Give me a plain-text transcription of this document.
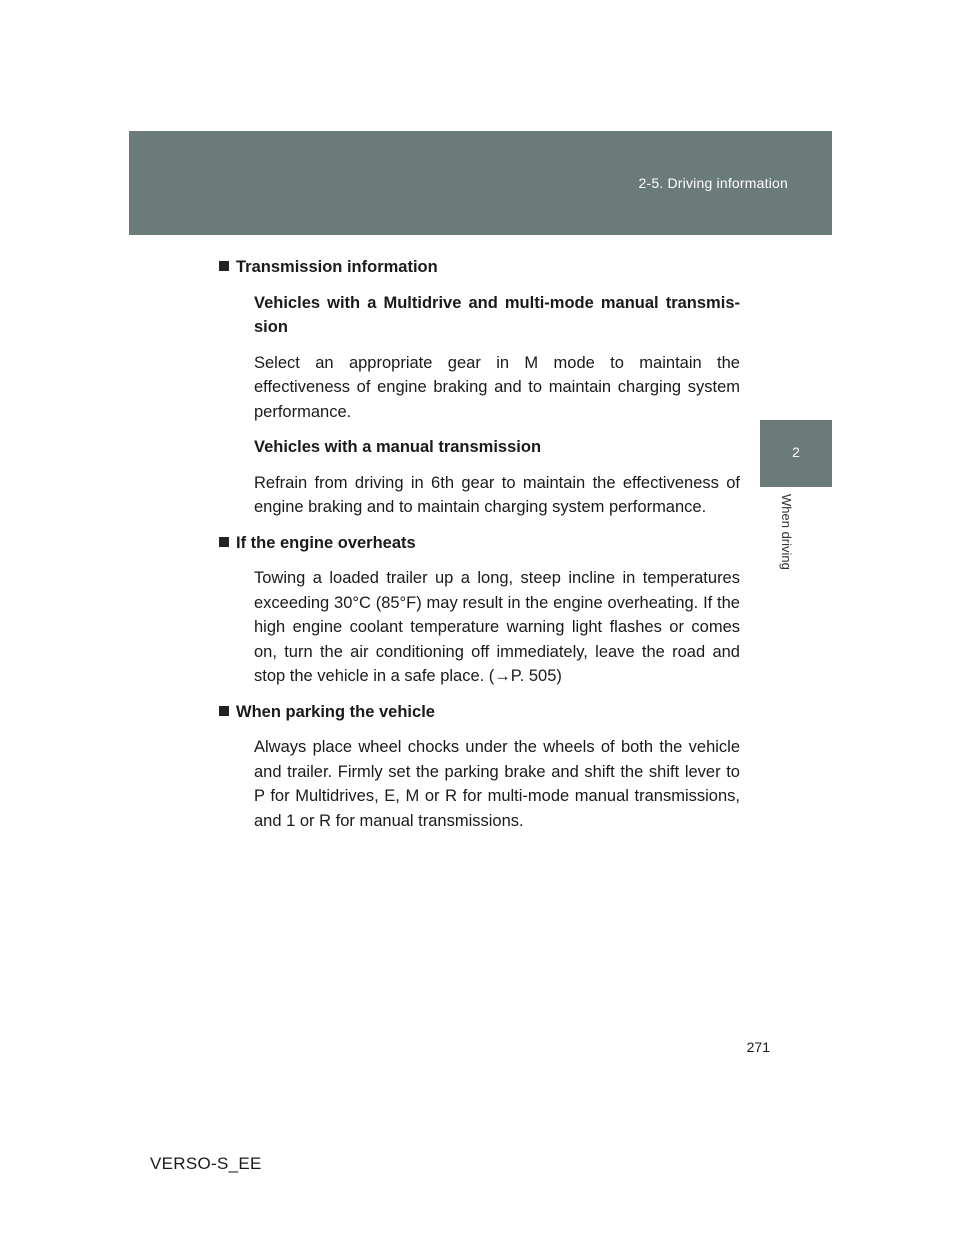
2-5. Driving information
2
When driving
Transmission information

Vehicles with a Multidrive and multi-mode manual transmis-sion

Select an appropriate gear in M mode to maintain the effectiveness of engine braking and to maintain charging system performance.

Vehicles with a manual transmission

Refrain from driving in 6th gear to maintain the effectiveness of engine braking and to maintain charging system performance.

If the engine overheats

Towing a loaded trailer up a long, steep incline in temperatures exceeding 30°C (85°F) may result in the engine overheating. If the high engine coolant temperature warning light flashes or comes on, turn the air conditioning off immediately, leave the road and stop the vehicle in a safe place. (→P. 505)

When parking the vehicle

Always place wheel chocks under the wheels of both the vehicle and trailer. Firmly set the parking brake and shift the shift lever to P for Multidrives, E, M or R for multi-mode manual transmissions, and 1 or R for manual transmissions.

271
VERSO-S_EE
